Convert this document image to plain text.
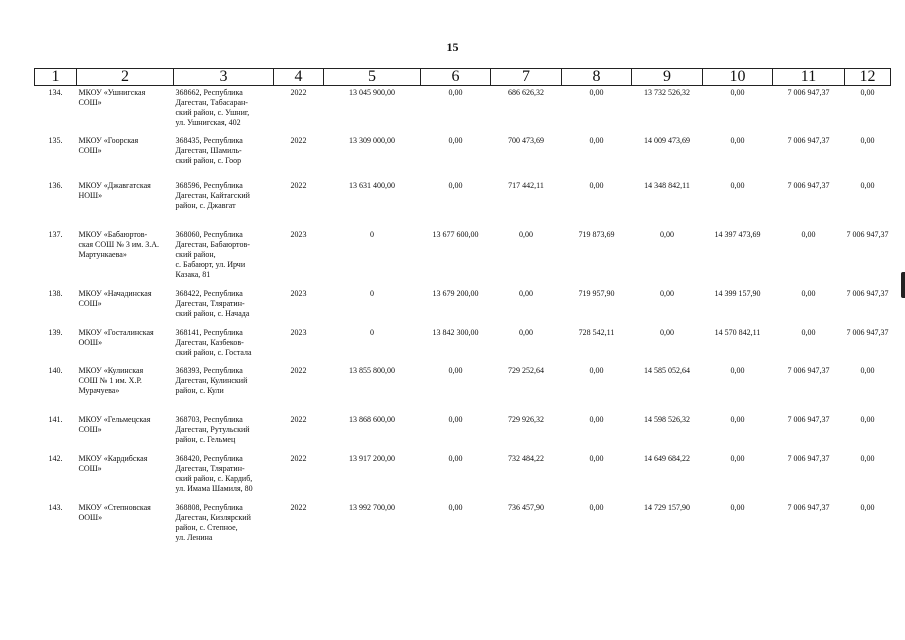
15
1	2	3	4	5	6	7	8	9	10	11	12
134.	МКОУ «Ушнигская
СОШ»	368662, Республика
Дагестан, Табасаран-
ский район, с. Ушниг,
ул. Ушнигская, 402	2022	13 045 900,00	0,00	686 626,32	0,00	13 732 526,32	0,00	7 006 947,37	0,00
135.	МКОУ «Гоорская
СОШ»	368435, Республика
Дагестан, Шамиль-
ский район, с. Гоор	2022	13 309 000,00	0,00	700 473,69	0,00	14 009 473,69	0,00	7 006 947,37	0,00
136.	МКОУ «Джавгатская
НОШ»	368596, Республика
Дагестан, Кайтагский
район, с. Джавгат	2022	13 631 400,00	0,00	717 442,11	0,00	14 348 842,11	0,00	7 006 947,37	0,00
137.	МКОУ «Бабаюртов-
ская СОШ № 3 им. З.А.
Мартункаева»	368060, Республика
Дагестан, Бабаюртов-
ский район,
с. Бабаюрт, ул. Ирчи
Казака, 81	2023	0	13 677 600,00	0,00	719 873,69	0,00	14 397 473,69	0,00	7 006 947,37
138.	МКОУ «Начадинская
СОШ»	368422, Республика
Дагестан, Тляратин-
ский район, с. Начада	2023	0	13 679 200,00	0,00	719 957,90	0,00	14 399 157,90	0,00	7 006 947,37
139.	МКОУ «Госталинская
ООШ»	368141, Республика
Дагестан, Казбеков-
ский район, с. Гостала	2023	0	13 842 300,00	0,00	728 542,11	0,00	14 570 842,11	0,00	7 006 947,37
140.	МКОУ «Кулинская
СОШ № 1 им. Х.Р.
Мурачуева»	368393, Республика
Дагестан, Кулинский
район, с. Кули	2022	13 855 800,00	0,00	729 252,64	0,00	14 585 052,64	0,00	7 006 947,37	0,00
141.	МКОУ «Гельмецская
СОШ»	368703, Республика
Дагестан, Рутульский
район, с. Гельмец	2022	13 868 600,00	0,00	729 926,32	0,00	14 598 526,32	0,00	7 006 947,37	0,00
142.	МКОУ «Кардибская
СОШ»	368420, Республика
Дагестан, Тляратин-
ский район, с. Кардиб,
ул. Имама Шамиля, 80	2022	13 917 200,00	0,00	732 484,22	0,00	14 649 684,22	0,00	7 006 947,37	0,00
143.	МКОУ «Степновская
ООШ»	368808, Республика
Дагестан, Кизлярский
район, с. Степное,
ул. Ленина	2022	13 992 700,00	0,00	736 457,90	0,00	14 729 157,90	0,00	7 006 947,37	0,00
